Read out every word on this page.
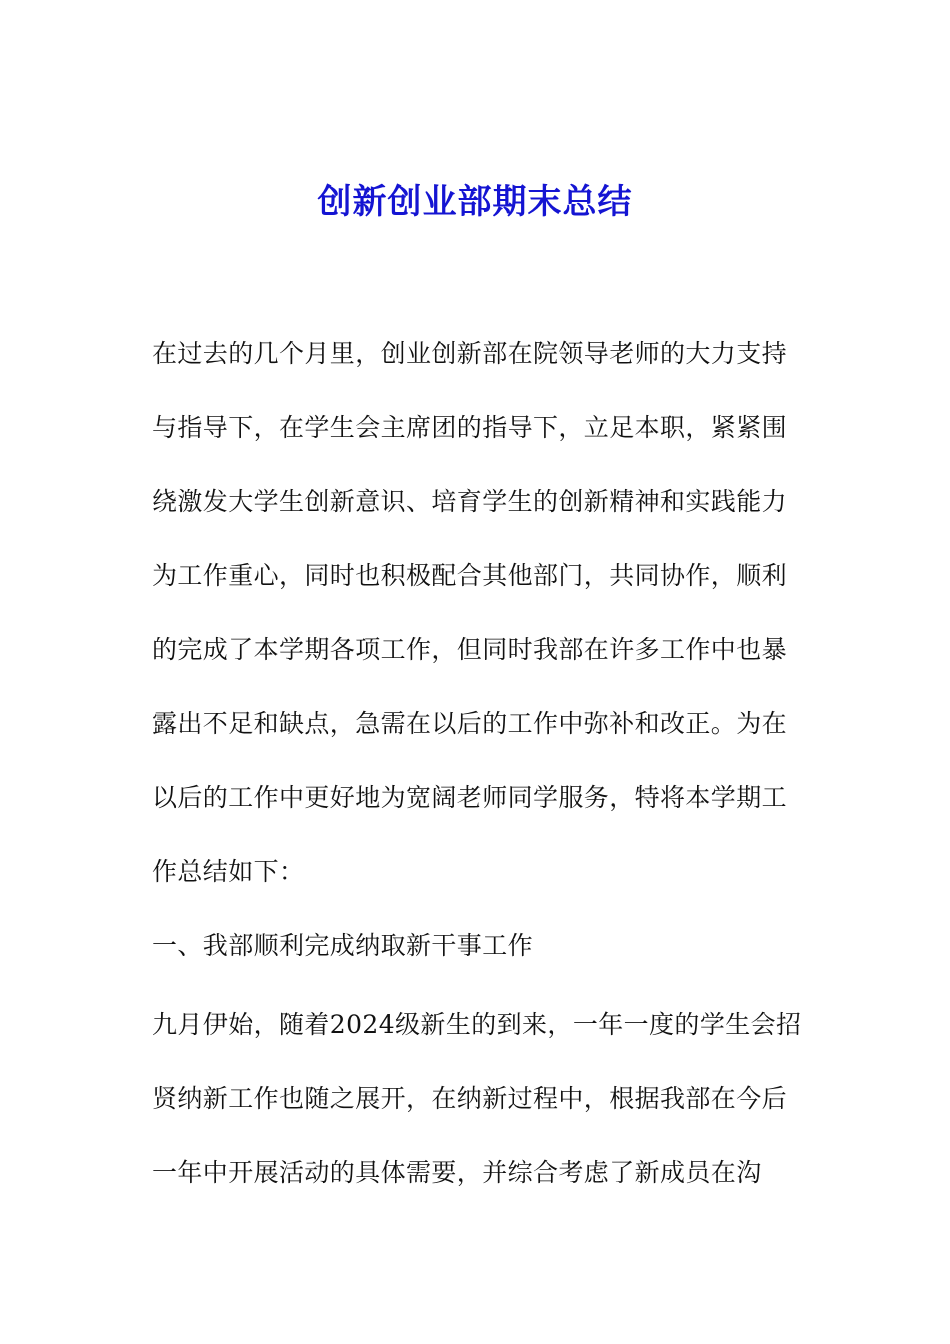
创新创业部期末总结
在过去的几个月里，创业创新部在院领导老师的大力支持
与指导下，在学生会主席团的指导下，立足本职，紧紧围
绕激发大学生创新意识、培育学生的创新精神和实践能力
为工作重心，同时也积极配合其他部门，共同协作，顺利
的完成了本学期各项工作，但同时我部在许多工作中也暴
露出不足和缺点，急需在以后的工作中弥补和改正。为在
以后的工作中更好地为宽阔老师同学服务，特将本学期工
作总结如下：
一、我部顺利完成纳取新干事工作
九月伊始，随着2024级新生的到来，一年一度的学生会招
贤纳新工作也随之展开，在纳新过程中，根据我部在今后
一年中开展活动的具体需要，并综合考虑了新成员在沟
